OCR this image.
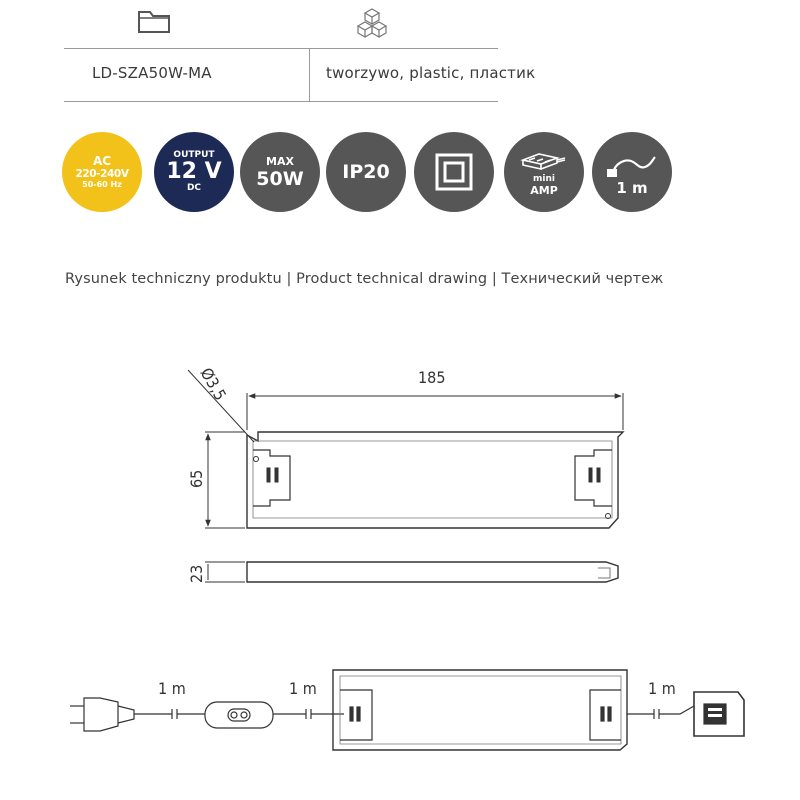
LD-SZA50W-MA	tworzywo, plastic, пластик
AC
220-240V
50-60 Hz
OUTPUT
12 V
DC
MAX
50W IP20	mini
AMP	1 m
Rysunek techniczny produktu | Product technical drawing | Технический чертеж
185
Ø3,5
65
23
1 m	1 m	1 m
